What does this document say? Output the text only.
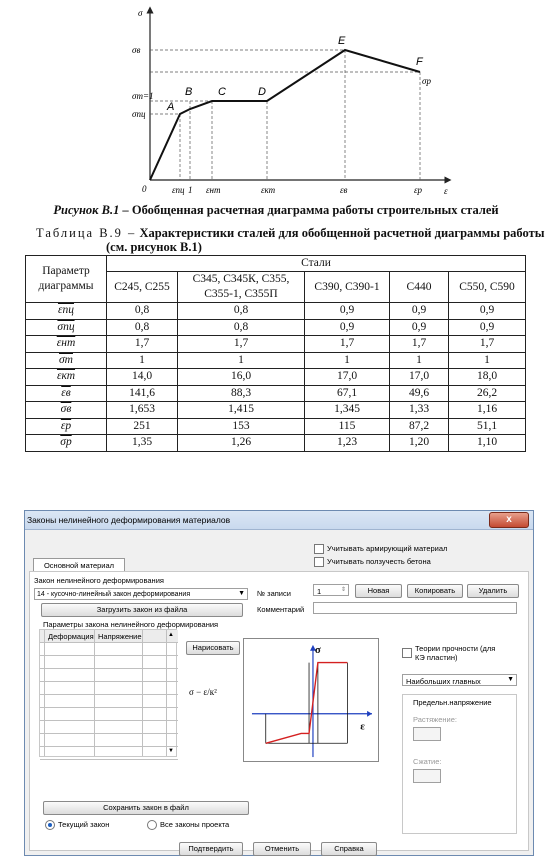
A
B C	D
E
F
σ
ε
0
σв
σт=1
σпц
σр
εпц 1 εнт	εкт	εв	εр
Рисунок В.1 – Обобщенная расчетная диаграмма работы строительных сталей
Таблица В.9 – Характеристики сталей для обобщенной расчетной диаграммы работы
(см. рисунок В.1)
Параметр диаграммы	Стали				
	С245, С255	С345, С345К, С355, С355-1, С355П	С390, С390-1	С440	С550, С590
εпц	0,8	0,8	0,9	0,9	0,9
σпц	0,8	0,8	0,9	0,9	0,9
εнт	1,7	1,7	1,7	1,7	1,7
σт	1	1	1	1	1
εкт	14,0	16,0	17,0	17,0	18,0
εв	141,6	88,3	67,1	49,6	26,2
σв	1,653	1,415	1,345	1,33	1,16
εр	251	153	115	87,2	51,1
σр	1,35	1,26	1,23	1,20	1,10
Законы нелинейного деформирования материалов	x
Учитывать армирующий материал
Учитывать ползучесть бетона
Основной материал
Закон нелинейного деформирования
14 - кусочно-линейный закон деформирования	▼
Загрузить закон из файла
№ записи	1	⇕	Новая	Копировать	Удалить
Комментарий
Параметры закона нелинейного деформирования
Деформация Напряжение	▲
▼
Нарисовать
σ − ε/к²
σ
ε
Теории прочности (для КЭ пластин)
Наибольших главных	▼
Предельн.напряжение
Растяжение:
Сжатие:
Сохранить закон в файл
Текущий закон	Все законы проекта
Подтвердить	Отменить	Справка
